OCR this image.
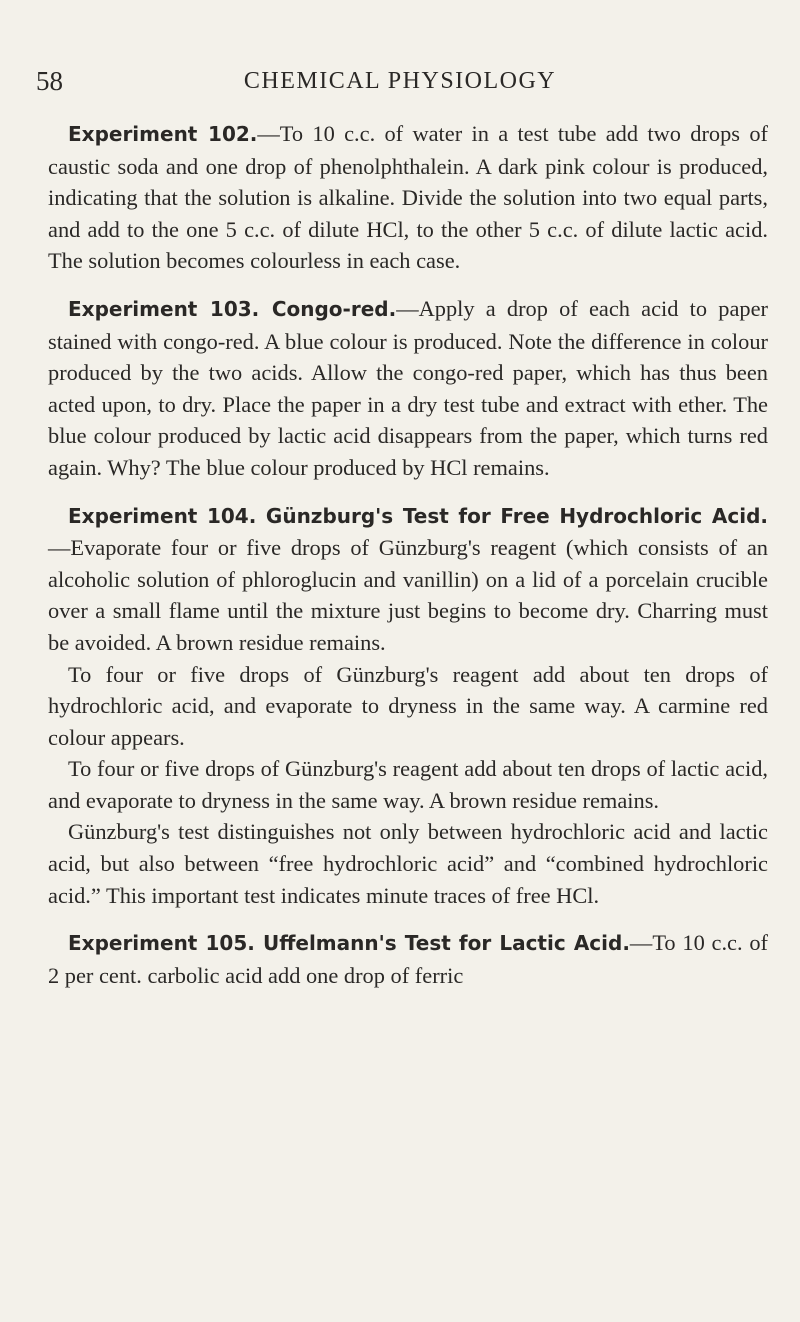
58	CHEMICAL PHYSIOLOGY

Experiment 102.—To 10 c.c. of water in a test tube add two drops of caustic soda and one drop of phenolphthalein. A dark pink colour is produced, indicating that the solution is alkaline. Divide the solution into two equal parts, and add to the one 5 c.c. of dilute HCl, to the other 5 c.c. of dilute lactic acid. The solution becomes colourless in each case.

Experiment 103. Congo-red.—Apply a drop of each acid to paper stained with congo-red. A blue colour is produced. Note the difference in colour produced by the two acids. Allow the congo-red paper, which has thus been acted upon, to dry. Place the paper in a dry test tube and extract with ether. The blue colour produced by lactic acid disappears from the paper, which turns red again. Why? The blue colour produced by HCl remains.

Experiment 104. Günzburg's Test for Free Hydrochloric Acid.—Evaporate four or five drops of Günzburg's reagent (which consists of an alcoholic solution of phloroglucin and vanillin) on a lid of a porcelain crucible over a small flame until the mixture just begins to become dry. Charring must be avoided. A brown residue remains.

To four or five drops of Günzburg's reagent add about ten drops of hydrochloric acid, and evaporate to dryness in the same way. A carmine red colour appears.

To four or five drops of Günzburg's reagent add about ten drops of lactic acid, and evaporate to dryness in the same way. A brown residue remains.

Günzburg's test distinguishes not only between hydrochloric acid and lactic acid, but also between “free hydrochloric acid” and “combined hydrochloric acid.” This important test indicates minute traces of free HCl.

Experiment 105. Uffelmann's Test for Lactic Acid.—To 10 c.c. of 2 per cent. carbolic acid add one drop of ferric
